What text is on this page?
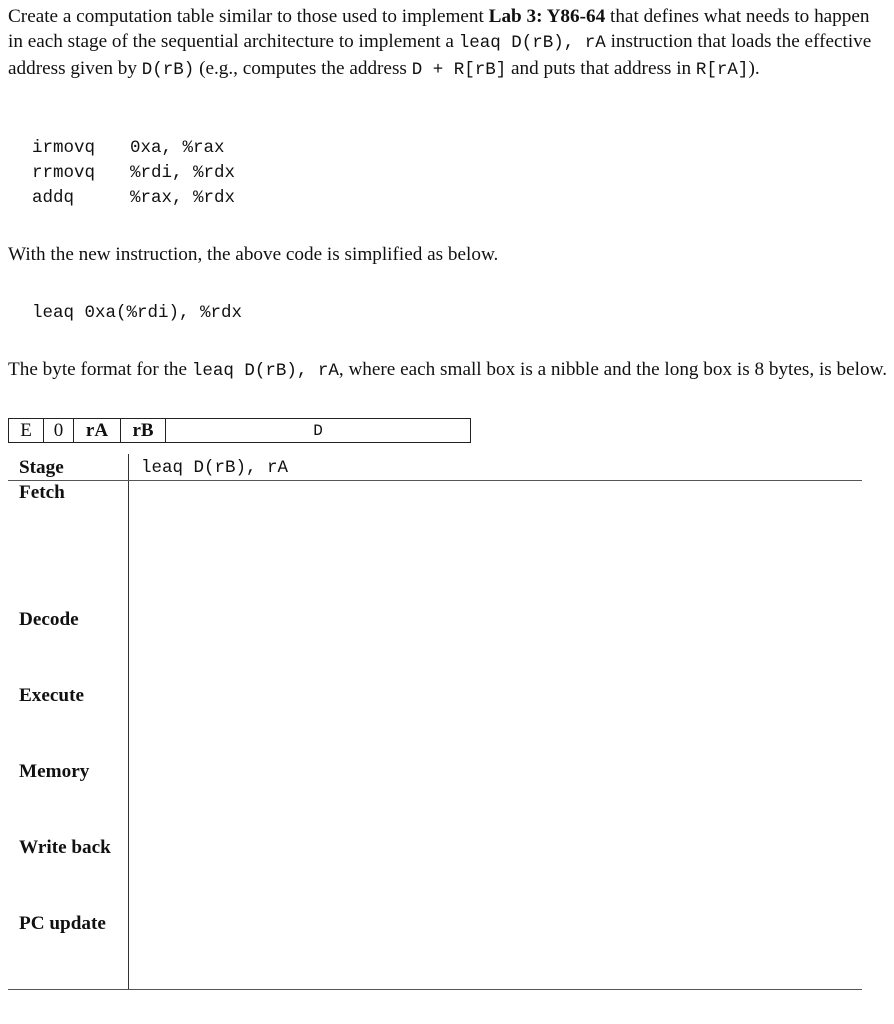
Create a computation table similar to those used to implement Lab 3: Y86-64 that defines what needs to happen in each stage of the sequential architecture to implement a leaq D(rB), rA instruction that loads the effective address given by D(rB) (e.g., computes the address D + R[rB] and puts that address in R[rA]).

irmovq 0xa, %rax
rrmovq %rdi, %rdx
addq	%rax, %rdx

With the new instruction, the above code is simplified as below.

leaq 0xa(%rdi), %rdx

The byte format for the leaq D(rB), rA, where each small box is a nibble and the long box is 8 bytes, is below.

E	0	rA	rB	D
Stage	leaq D(rB), rA
Fetch
Decode
Execute
Memory
Write back
PC update
